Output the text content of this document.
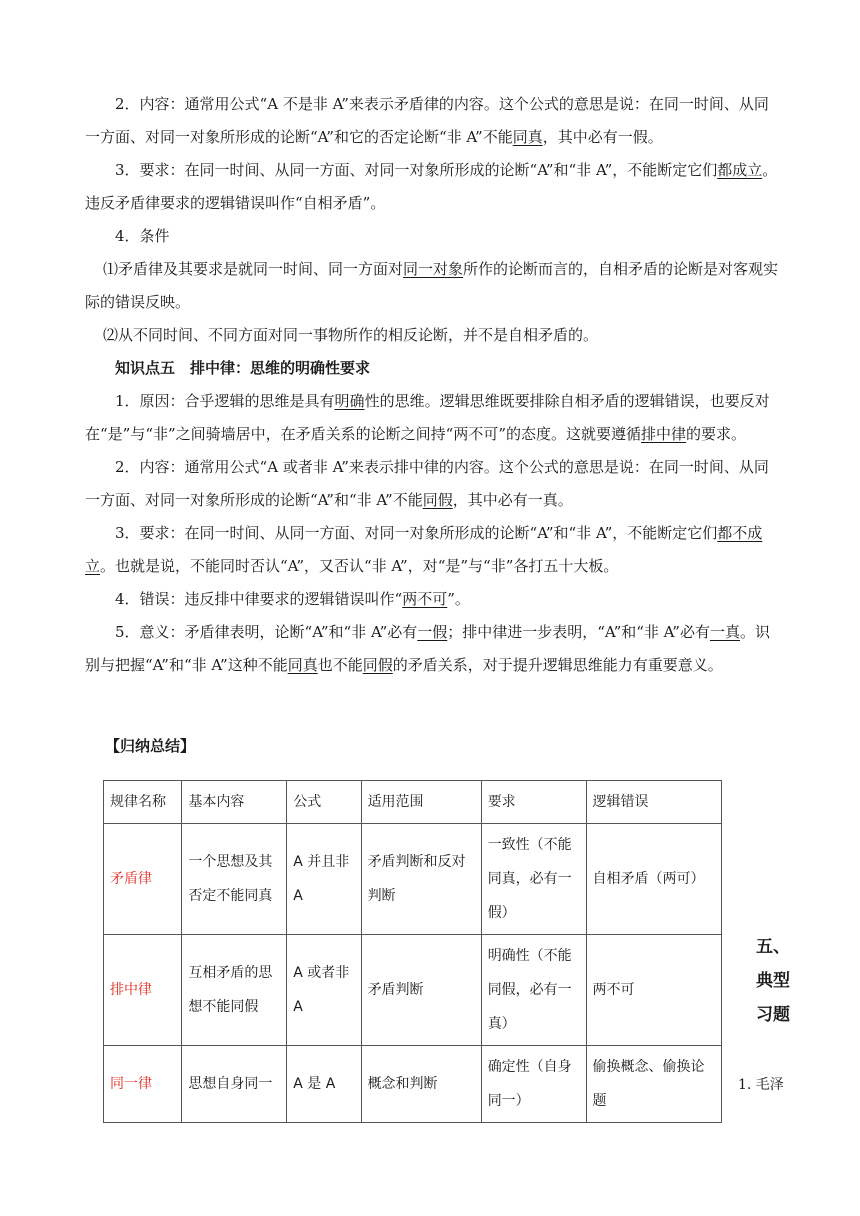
2．内容：通常用公式“A 不是非 A”来表示矛盾律的内容。这个公式的意思是说：在同一时间、从同一方面、对同一对象所形成的论断“A”和它的否定论断“非 A”不能同真，其中必有一假。

3．要求：在同一时间、从同一方面、对同一对象所形成的论断“A”和“非 A”，不能断定它们都成立。违反矛盾律要求的逻辑错误叫作“自相矛盾”。

4．条件

⑴矛盾律及其要求是就同一时间、同一方面对同一对象所作的论断而言的，自相矛盾的论断是对客观实际的错误反映。

⑵从不同时间、不同方面对同一事物所作的相反论断，并不是自相矛盾的。

知识点五　排中律：思维的明确性要求

1．原因：合乎逻辑的思维是具有明确性的思维。逻辑思维既要排除自相矛盾的逻辑错误，也要反对在“是”与“非”之间骑墙居中，在矛盾关系的论断之间持“两不可”的态度。这就要遵循排中律的要求。

2．内容：通常用公式“A 或者非 A”来表示排中律的内容。这个公式的意思是说：在同一时间、从同一方面、对同一对象所形成的论断“A”和“非 A”不能同假，其中必有一真。

3．要求：在同一时间、从同一方面、对同一对象所形成的论断“A”和“非 A”，不能断定它们都不成立。也就是说，不能同时否认“A”，又否认“非 A”，对“是”与“非”各打五十大板。

4．错误：违反排中律要求的逻辑错误叫作“两不可”。

5．意义：矛盾律表明，论断“A”和“非 A”必有一假；排中律进一步表明，“A”和“非 A”必有一真。识别与把握“A”和“非 A”这种不能同真也不能同假的矛盾关系，对于提升逻辑思维能力有重要意义。

【归纳总结】

规律名称	基本内容	公式	适用范围	要求	逻辑错误
矛盾律	一个思想及其否定不能同真	A 并且非 A	矛盾判断和反对判断	一致性（不能同真，必有一假）	自相矛盾（两可）
排中律	互相矛盾的思想不能同假	A 或者非 A	矛盾判断	明确性（不能同假，必有一真）	两不可
同一律	思想自身同一	A 是 A	概念和判断	确定性（自身同一）	偷换概念、偷换论题
五、典型习题
1. 毛泽
